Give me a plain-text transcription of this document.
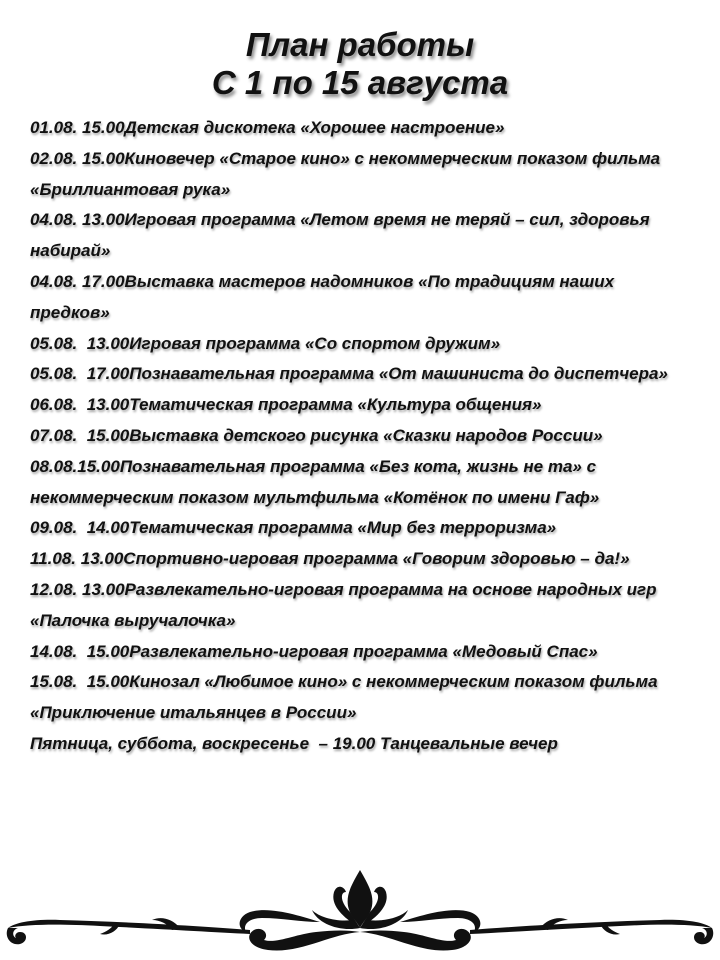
План работы
С 1 по 15 августа
01.08. 15.00Детская дискотека «Хорошее настроение»
02.08. 15.00Киновечер «Старое кино» с некоммерческим показом фильма «Бриллиантовая рука»
04.08. 13.00Игровая программа «Летом время не теряй – сил, здоровья набирай»
04.08. 17.00Выставка мастеров надомников «По традициям наших предков»
05.08. 13.00Игровая программа «Со спортом дружим»
05.08. 17.00Познавательная программа «От машиниста до диспетчера»
06.08. 13.00Тематическая программа «Культура общения»
07.08. 15.00Выставка детского рисунка «Сказки народов России»
08.08.15.00Познавательная программа «Без кота, жизнь не та» с некоммерческим показом мультфильма «Котёнок по имени Гаф»
09.08. 14.00Тематическая программа «Мир без терроризма»
11.08. 13.00Спортивно-игровая программа «Говорим здоровью – да!»
12.08. 13.00Развлекательно-игровая программа на основе народных игр «Палочка выручалочка»
14.08. 15.00Развлекательно-игровая программа «Медовый Спас»
15.08. 15.00Кинозал «Любимое кино» с некоммерческим показом фильма «Приключение итальянцев в России»
Пятница, суббота, воскресенье – 19.00 Танцевальные вечер
